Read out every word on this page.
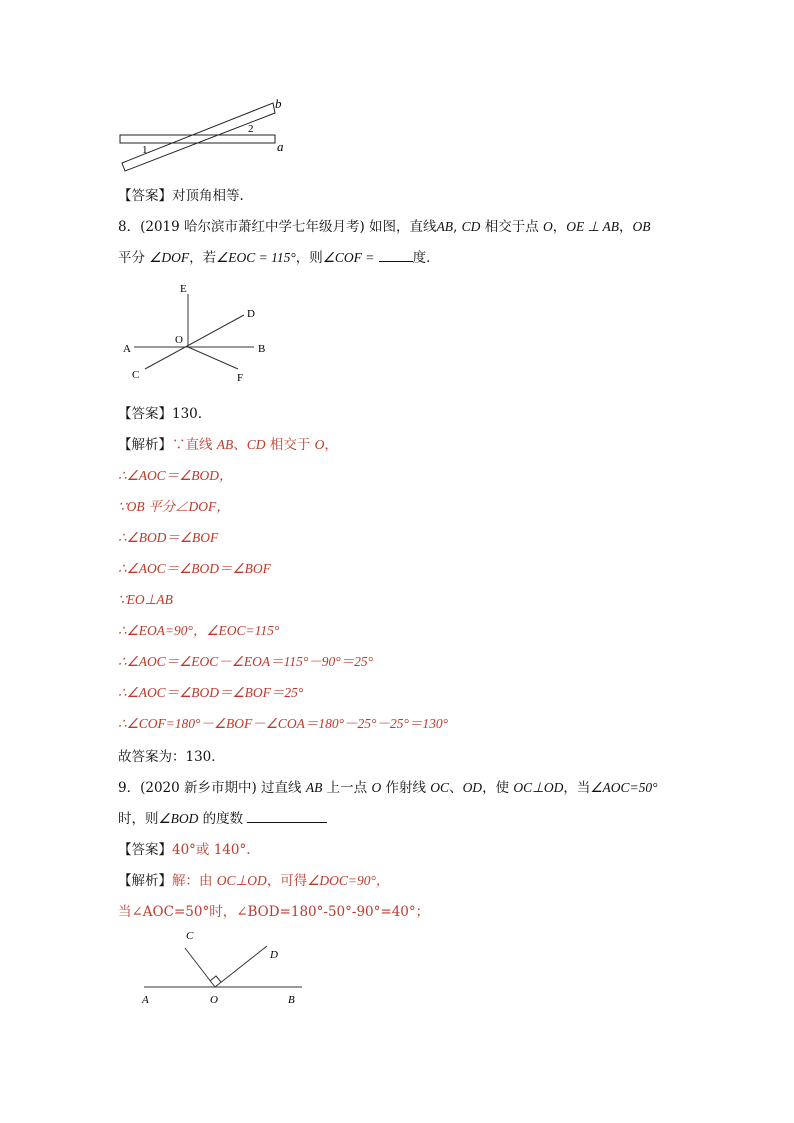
b
a
1
2
【答案】对顶角相等.
8．(2019 哈尔滨市萧红中学七年级月考) 如图，直线AB, CD 相交于点 O，OE ⊥ AB，OB
平分 ∠DOF，若∠EOC = 115°，则∠COF =	度．
E
D
O
A	B
C	F
【答案】130.
【解析】∵直线 AB、CD 相交于 O，
∴∠AOC＝∠BOD，
∵OB 平分∠DOF，
∴∠BOD＝∠BOF
∴∠AOC＝∠BOD＝∠BOF
∵EO⊥AB
∴∠EOA=90°，∠EOC=115°
∴∠AOC＝∠EOC－∠EOA＝115°－90°＝25°
∴∠AOC＝∠BOD＝∠BOF＝25°
∴∠COF=180°－∠BOF－∠COA＝180°－25°－25°＝130°
故答案为：130．
9．(2020 新乡市期中) 过直线 AB 上一点 O 作射线 OC、OD，使 OC⊥OD，当∠AOC=50°
时，则∠BOD 的度数
【答案】40°或 140°.
【解析】解：由 OC⊥OD，可得∠DOC=90°，
当∠AOC=50°时，∠BOD=180°-50°-90°=40°；
C
D
A	O	B
